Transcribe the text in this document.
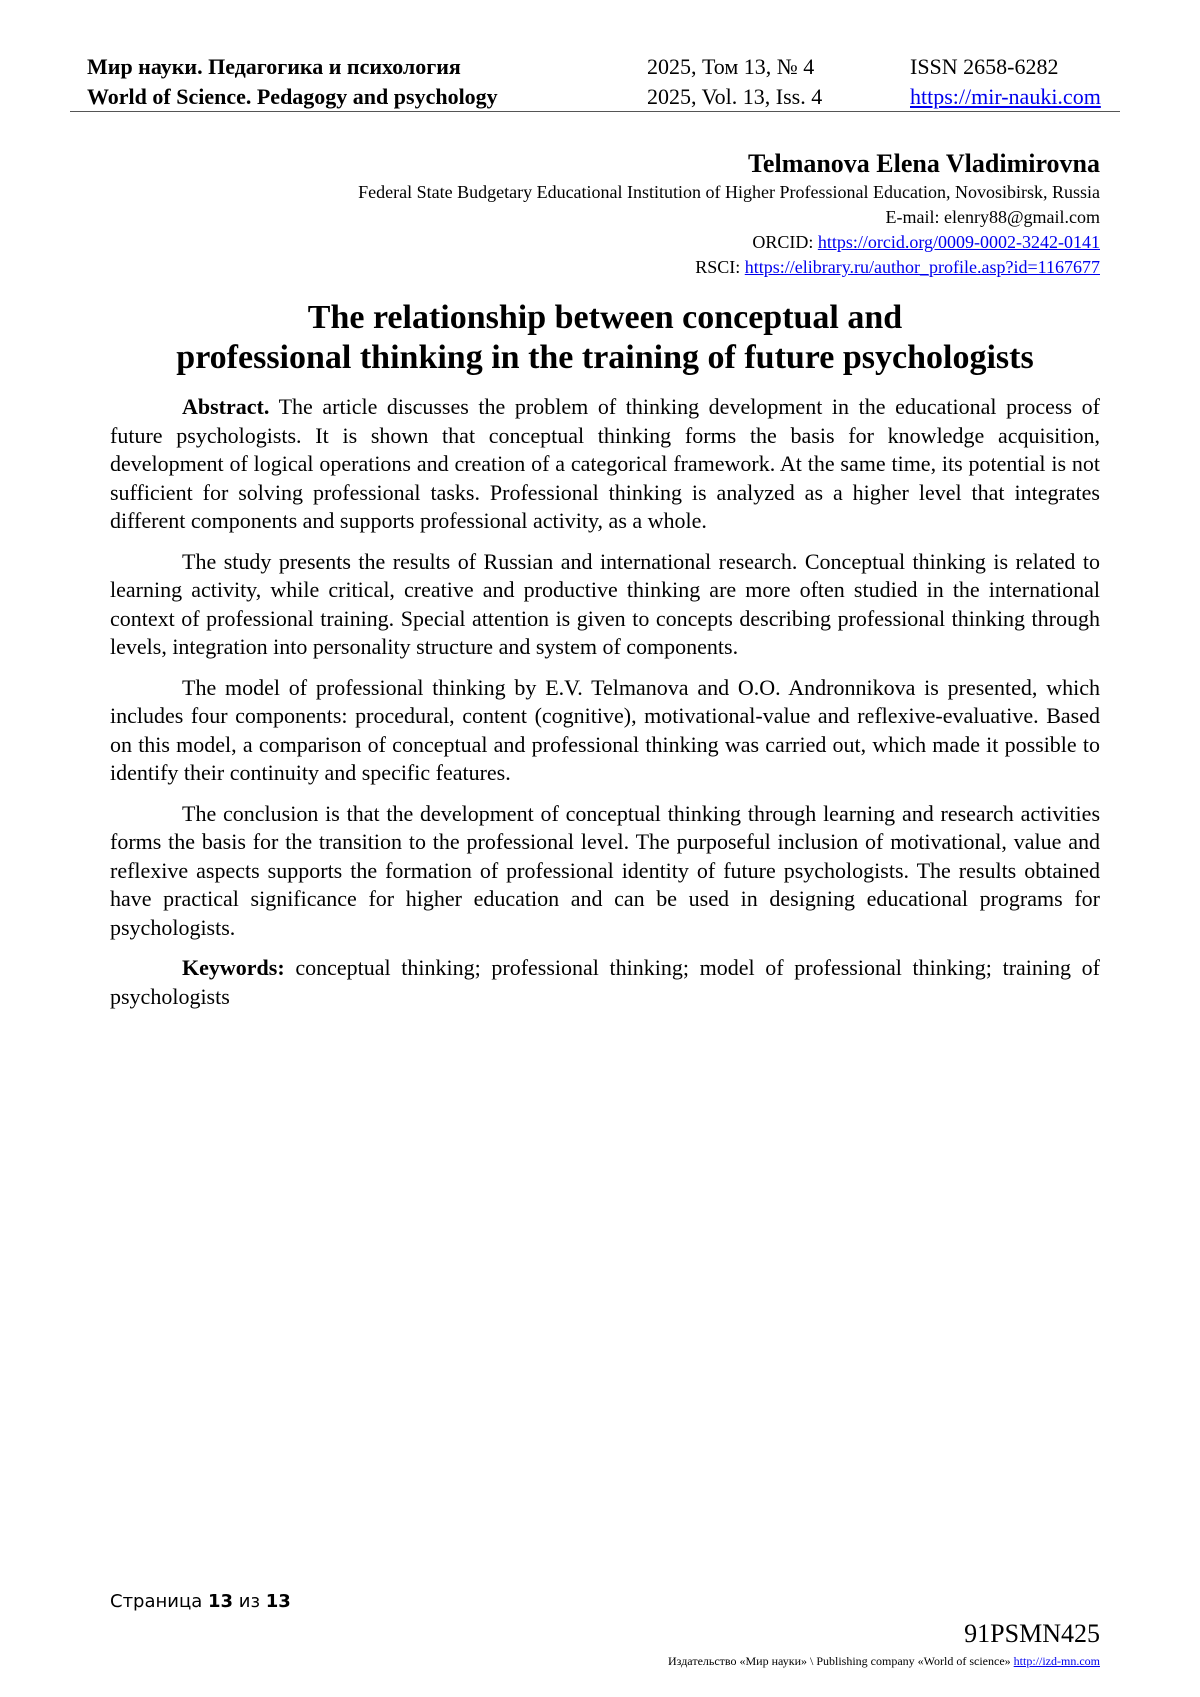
Мир науки. Педагогика и психология	2025, Том 13, № 4	ISSN 2658-6282
World of Science. Pedagogy and psychology	2025, Vol. 13, Iss. 4	https://mir-nauki.com
Telmanova Elena Vladimirovna
Federal State Budgetary Educational Institution of Higher Professional Education, Novosibirsk, Russia
E-mail: elenry88@gmail.com
ORCID: https://orcid.org/0009-0002-3242-0141
RSCI: https://elibrary.ru/author_profile.asp?id=1167677
The relationship between conceptual and
professional thinking in the training of future psychologists

Abstract. The article discusses the problem of thinking development in the educational process of future psychologists. It is shown that conceptual thinking forms the basis for knowledge acquisition, development of logical operations and creation of a categorical framework. At the same time, its potential is not sufficient for solving professional tasks. Professional thinking is analyzed as a higher level that integrates different components and supports professional activity, as a whole.

The study presents the results of Russian and international research. Conceptual thinking is related to learning activity, while critical, creative and productive thinking are more often studied in the international context of professional training. Special attention is given to concepts describing professional thinking through levels, integration into personality structure and system of components.

The model of professional thinking by E.V. Telmanova and O.O. Andronnikova is presented, which includes four components: procedural, content (cognitive), motivational-value and reflexive-evaluative. Based on this model, a comparison of conceptual and professional thinking was carried out, which made it possible to identify their continuity and specific features.

The conclusion is that the development of conceptual thinking through learning and research activities forms the basis for the transition to the professional level. The purposeful inclusion of motivational, value and reflexive aspects supports the formation of professional identity of future psychologists. The results obtained have practical significance for higher education and can be used in designing educational programs for psychologists.

Keywords: conceptual thinking; professional thinking; model of professional thinking; training of psychologists

Страница 13 из 13
91PSMN425
Издательство «Мир науки» \ Publishing company «World of science» http://izd-mn.com
